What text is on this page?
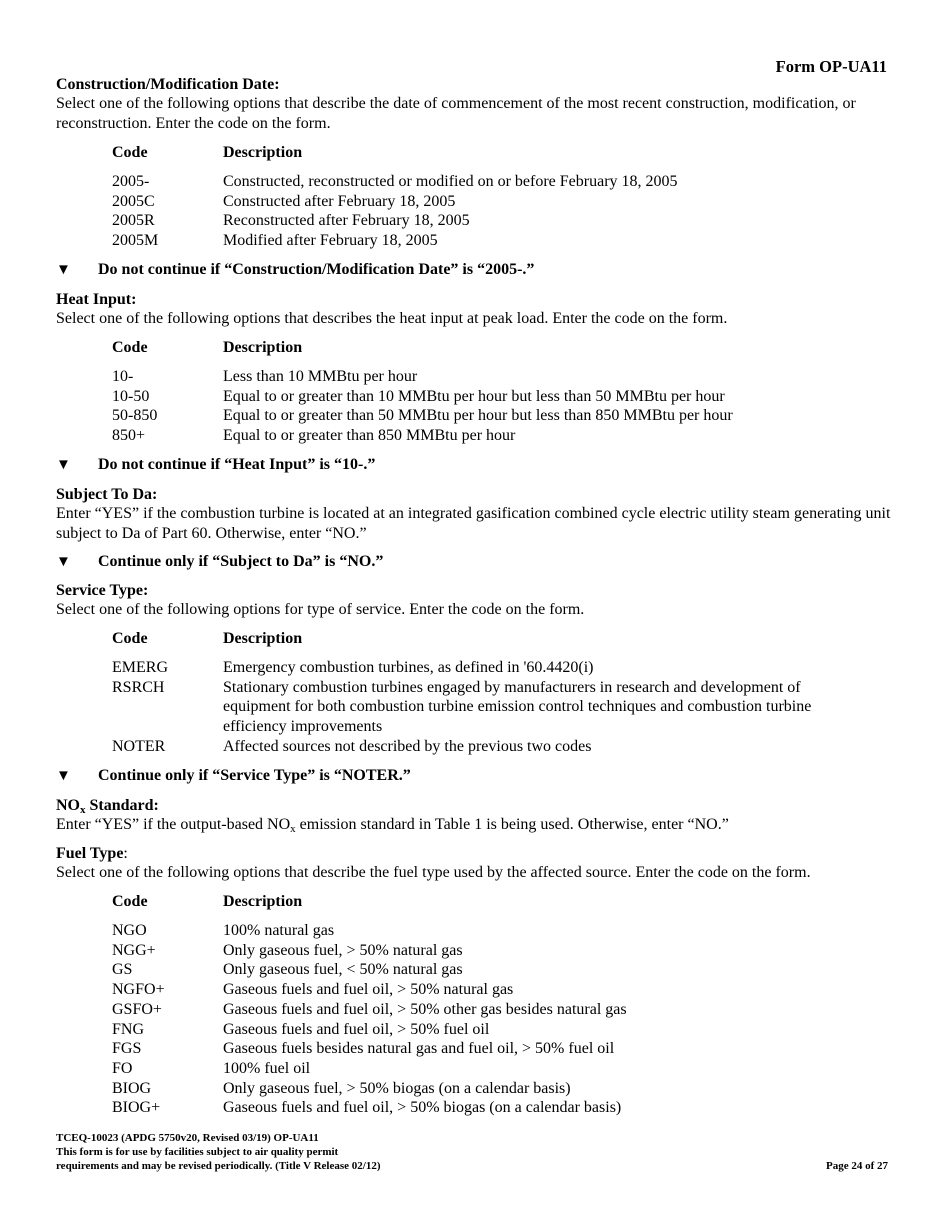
Form OP-UA11
Construction/Modification Date:
Select one of the following options that describe the date of commencement of the most recent construction, modification, or reconstruction. Enter the code on the form.
Code	Description
2005-	Constructed, reconstructed or modified on or before February 18, 2005
2005C	Constructed after February 18, 2005
2005R	Reconstructed after February 18, 2005
2005M	Modified after February 18, 2005
▼	Do not continue if “Construction/Modification Date” is “2005-.”
Heat Input:
Select one of the following options that describes the heat input at peak load. Enter the code on the form.
Code	Description
10-	Less than 10 MMBtu per hour
10-50	Equal to or greater than 10 MMBtu per hour but less than 50 MMBtu per hour
50-850	Equal to or greater than 50 MMBtu per hour but less than 850 MMBtu per hour
850+	Equal to or greater than 850 MMBtu per hour
▼	Do not continue if “Heat Input” is “10-.”
Subject To Da:
Enter “YES” if the combustion turbine is located at an integrated gasification combined cycle electric utility steam generating unit subject to Da of Part 60. Otherwise, enter “NO.”
▼	Continue only if “Subject to Da” is “NO.”
Service Type:
Select one of the following options for type of service. Enter the code on the form.
Code	Description
EMERG	Emergency combustion turbines, as defined in '60.4420(i)
RSRCH	Stationary combustion turbines engaged by manufacturers in research and development of equipment for both combustion turbine emission control techniques and combustion turbine efficiency improvements
NOTER	Affected sources not described by the previous two codes
▼	Continue only if “Service Type” is “NOTER.”
$NO_x$ Standard:
Enter “YES” if the output-based $NO_x$ emission standard in Table 1 is being used. Otherwise, enter “NO.”
Fuel Type:
Select one of the following options that describe the fuel type used by the affected source. Enter the code on the form.
Code	Description
NGO	100% natural gas
NGG+	Only gaseous fuel, > 50% natural gas
GS	Only gaseous fuel, < 50% natural gas
NGFO+	Gaseous fuels and fuel oil, > 50% natural gas
GSFO+	Gaseous fuels and fuel oil, > 50% other gas besides natural gas
FNG	Gaseous fuels and fuel oil, > 50% fuel oil
FGS	Gaseous fuels besides natural gas and fuel oil, > 50% fuel oil
FO	100% fuel oil
BIOG	Only gaseous fuel, > 50% biogas (on a calendar basis)
BIOG+	Gaseous fuels and fuel oil, > 50% biogas (on a calendar basis)
TCEQ-10023 (APDG 5750v20, Revised 03/19) OP-UA11
This form is for use by facilities subject to air quality permit
requirements and may be revised periodically. (Title V Release 02/12)	Page 24 of 27
